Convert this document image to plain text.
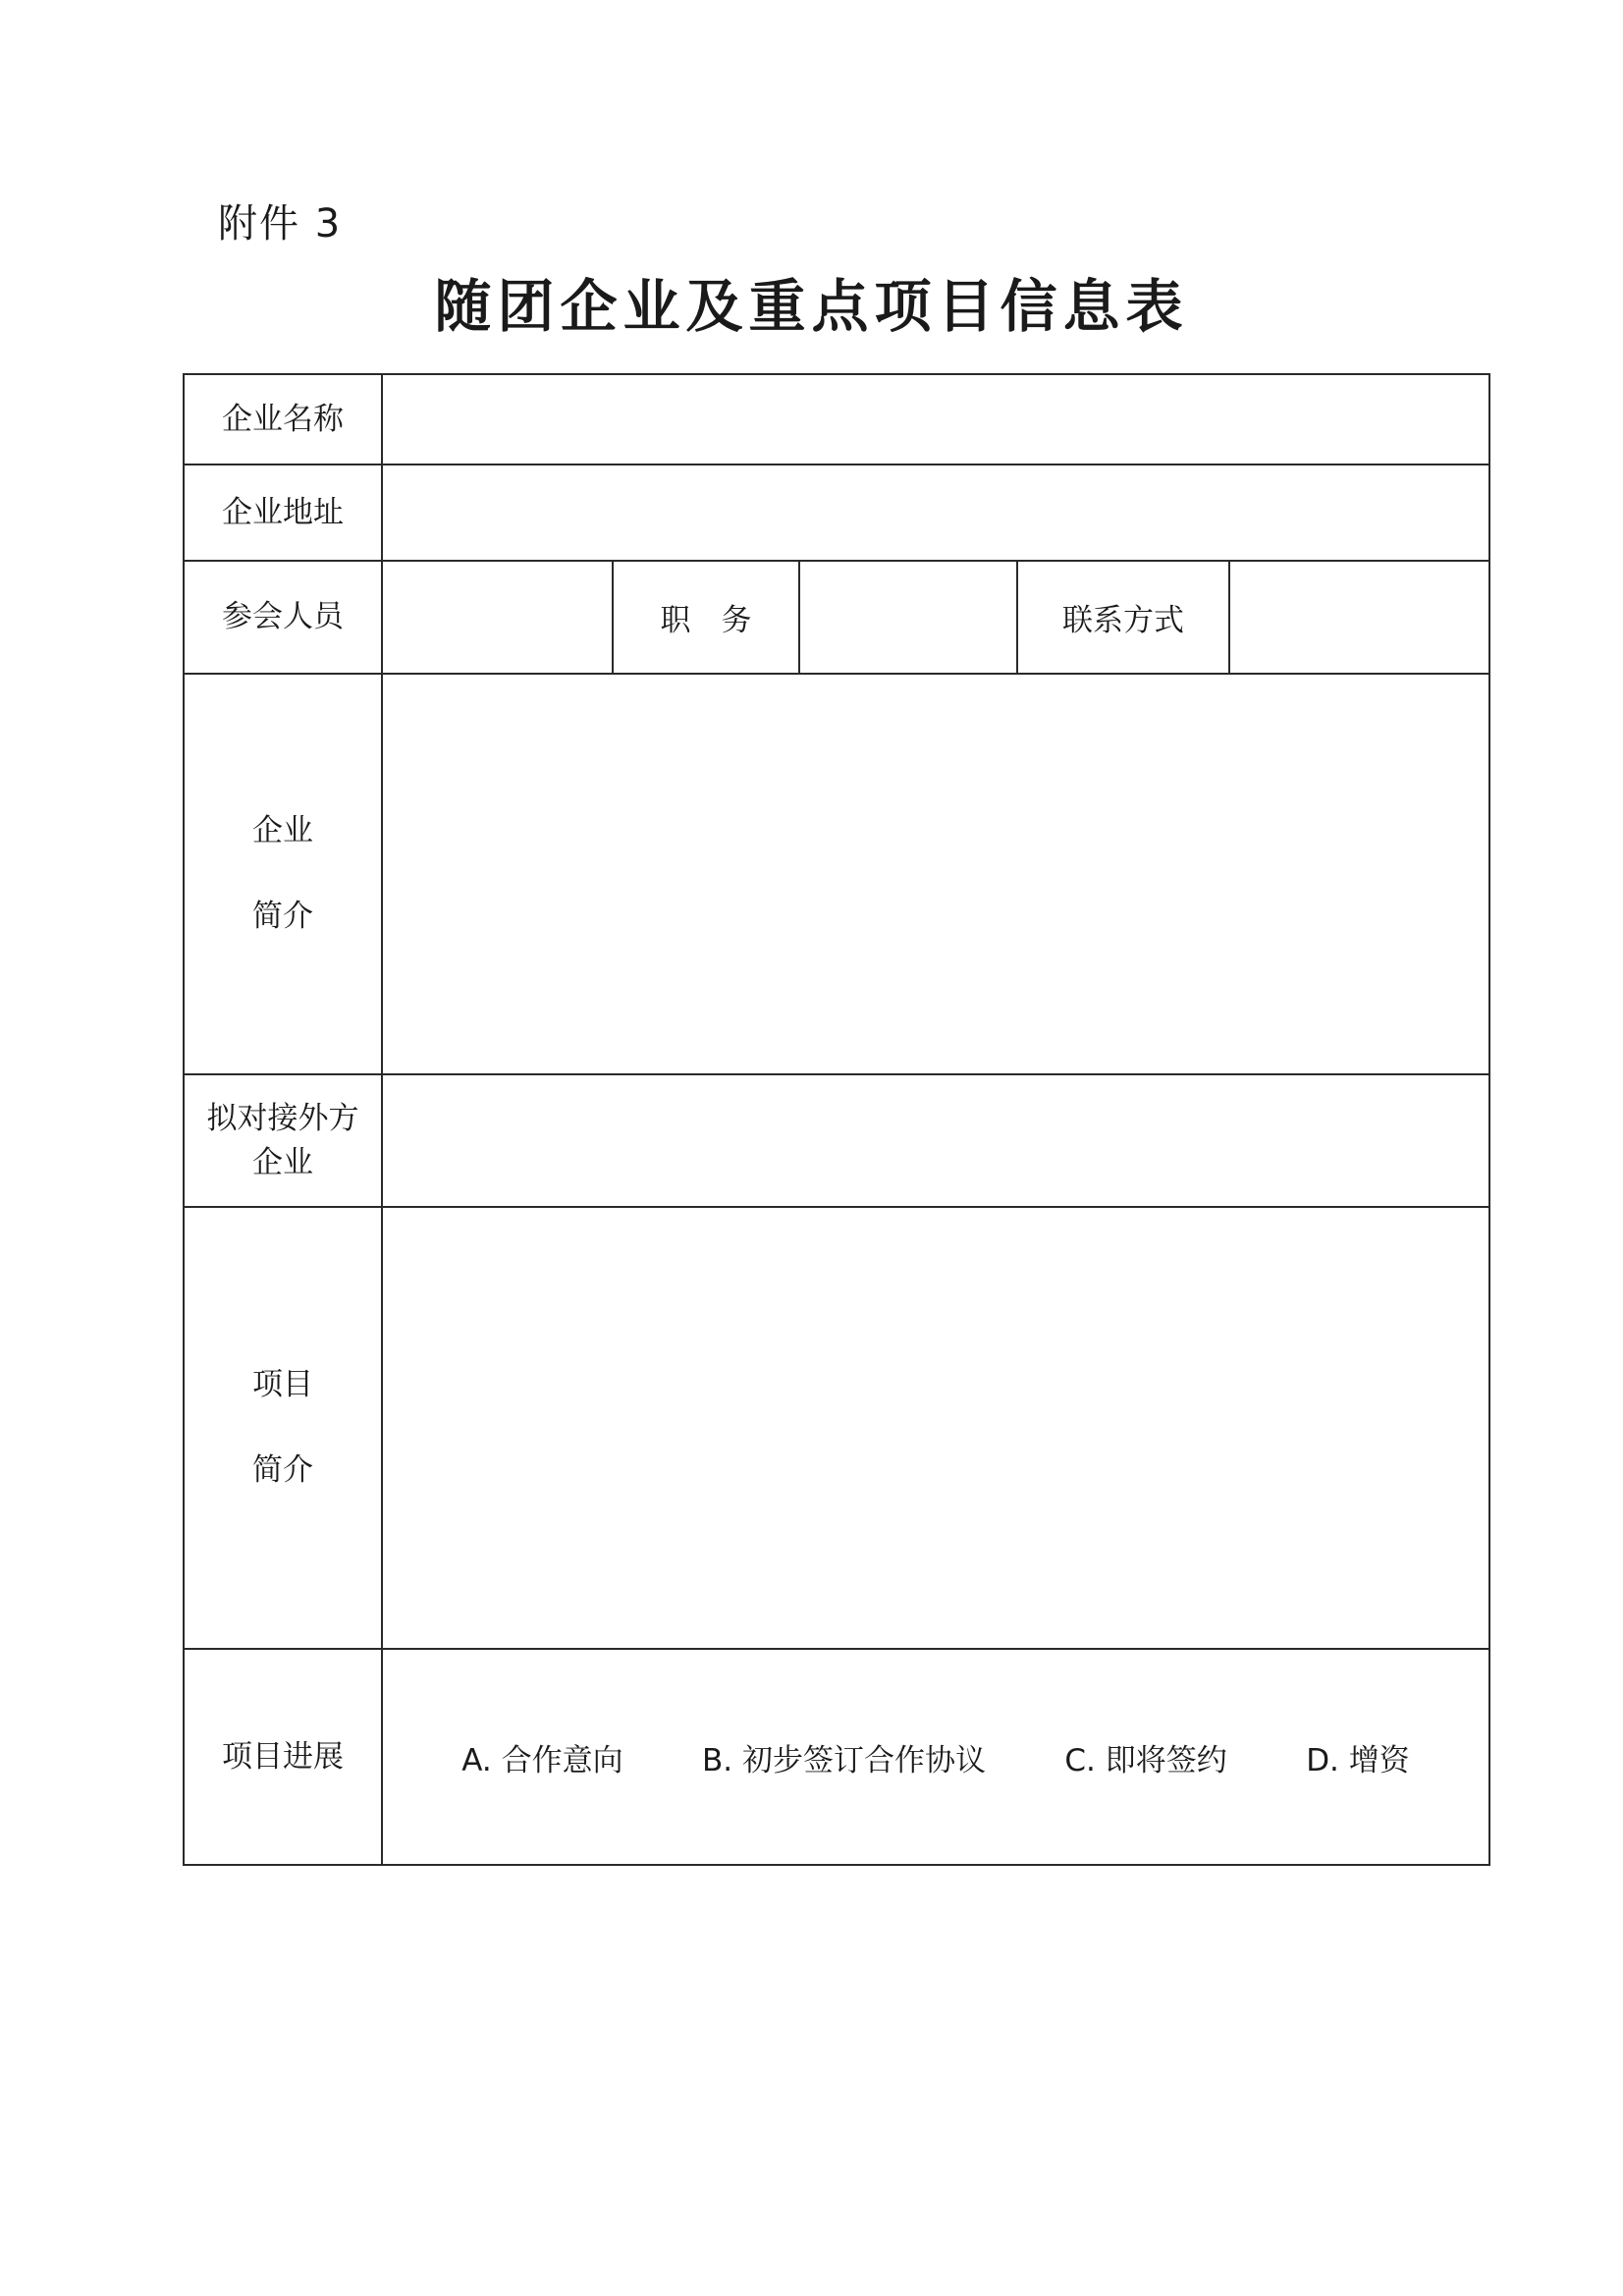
附件 3
随团企业及重点项目信息表
企业名称					
企业地址					
参会人员		职　务		联系方式	

企业
简介					

拟对接外方
企业					

项目
简介					

项目进展	A. 合作意向 B. 初步签订合作协议 C. 即将签约 D. 增资				
